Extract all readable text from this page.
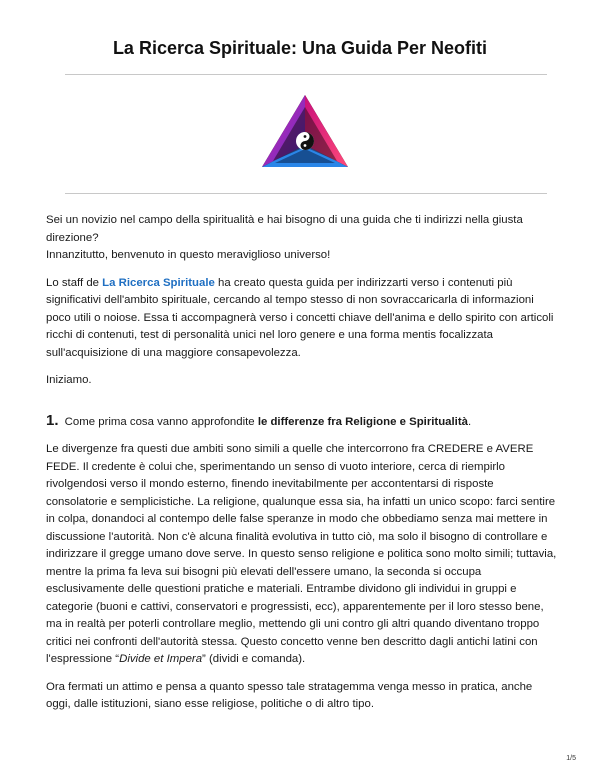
La Ricerca Spirituale: Una Guida Per Neofiti

Sei un novizio nel campo della spiritualità e hai bisogno di una guida che ti indirizzi nella giusta direzione?
Innanzitutto, benvenuto in questo meraviglioso universo!

Lo staff de La Ricerca Spirituale ha creato questa guida per indirizzarti verso i contenuti più significativi dell'ambito spirituale, cercando al tempo stesso di non sovraccaricarla di informazioni poco utili o noiose. Essa ti accompagnerà verso i concetti chiave dell'anima e dello spirito con articoli ricchi di contenuti, test di personalità unici nel loro genere e una forma mentis focalizzata sull'acquisizione di una maggiore consapevolezza.

Iniziamo.

1. Come prima cosa vanno approfondite le differenze fra Religione e Spiritualità.

Le divergenze fra questi due ambiti sono simili a quelle che intercorrono fra CREDERE e AVERE FEDE. Il credente è colui che, sperimentando un senso di vuoto interiore, cerca di riempirlo rivolgendosi verso il mondo esterno, finendo inevitabilmente per accontentarsi di risposte consolatorie e semplicistiche. La religione, qualunque essa sia, ha infatti un unico scopo: farci sentire in colpa, donandoci al contempo delle false speranze in modo che obbediamo senza mai mettere in discussione l'autorità. Non c'è alcuna finalità evolutiva in tutto ciò, ma solo il bisogno di controllare e indirizzare il gregge umano dove serve. In questo senso religione e politica sono molto simili; tuttavia, mentre la prima fa leva sui bisogni più elevati dell'essere umano, la seconda si occupa esclusivamente delle questioni pratiche e materiali. Entrambe dividono gli individui in gruppi e categorie (buoni e cattivi, conservatori e progressisti, ecc), apparentemente per il loro stesso bene, ma in realtà per poterli controllare meglio, mettendo gli uni contro gli altri quando diventano troppo critici nei confronti dell'autorità stessa. Questo concetto venne ben descritto dagli antichi latini con l'espressione “Divide et Impera” (dividi e comanda).

Ora fermati un attimo e pensa a quanto spesso tale stratagemma venga messo in pratica, anche oggi, dalle istituzioni, siano esse religiose, politiche o di altro tipo.

1/5
